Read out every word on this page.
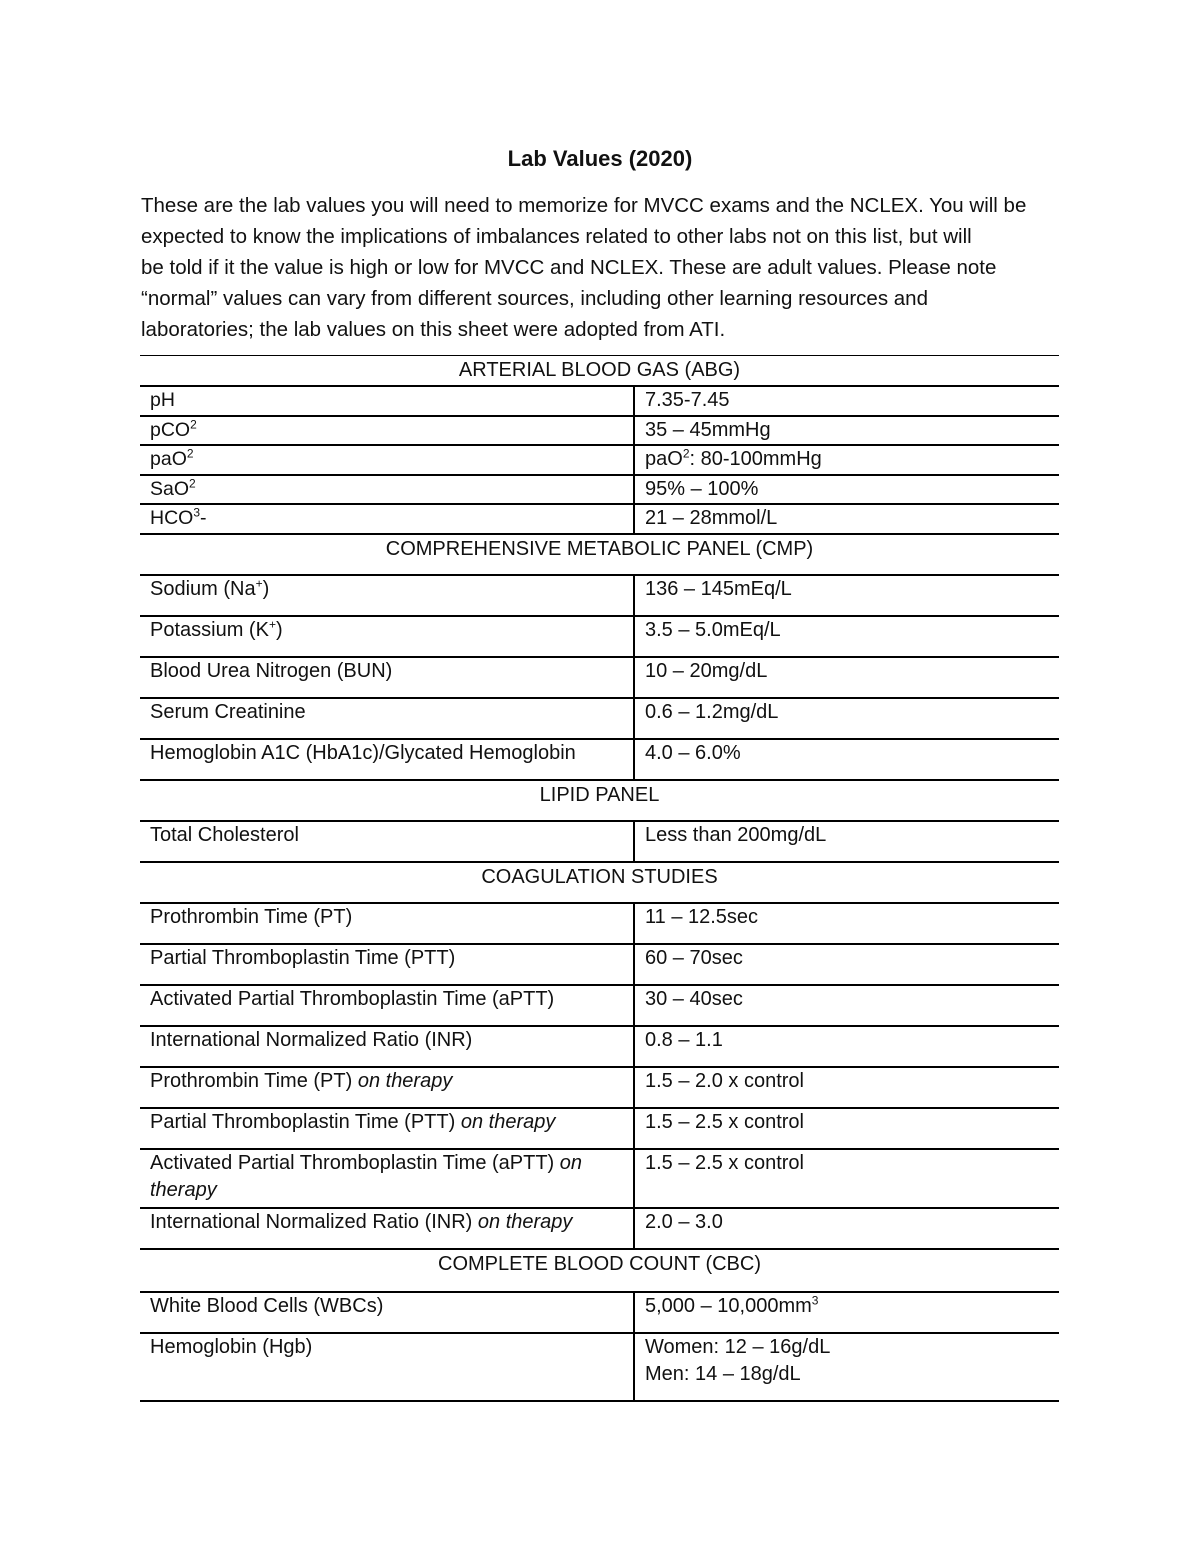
Lab Values (2020)
These are the lab values you will need to memorize for MVCC exams and the NCLEX. You will be
expected to know the implications of imbalances related to other labs not on this list, but will
be told if it the value is high or low for MVCC and NCLEX. These are adult values. Please note
“normal” values can vary from different sources, including other learning resources and
laboratories; the lab values on this sheet were adopted from ATI.
ARTERIAL BLOOD GAS (ABG)	
pH	7.35-7.45
pCO$^2$	35 – 45mmHg
paO$^2$	paO$^2$: 80-100mmHg
SaO$^2$	95% – 100%
HCO$^3$-	21 – 28mmol/L
COMPREHENSIVE METABOLIC PANEL (CMP)	
Sodium (Na+)	136 – 145mEq/L
Potassium (K+)	3.5 – 5.0mEq/L
Blood Urea Nitrogen (BUN)	10 – 20mg/dL
Serum Creatinine	0.6 – 1.2mg/dL
Hemoglobin A1C (HbA1c)/Glycated Hemoglobin	4.0 – 6.0%
LIPID PANEL	
Total Cholesterol	Less than 200mg/dL
COAGULATION STUDIES	
Prothrombin Time (PT)	11 – 12.5sec
Partial Thromboplastin Time (PTT)	60 – 70sec
Activated Partial Thromboplastin Time (aPTT)	30 – 40sec
International Normalized Ratio (INR)	0.8 – 1.1
Prothrombin Time (PT) on therapy	1.5 – 2.0 x control
Partial Thromboplastin Time (PTT) on therapy	1.5 – 2.5 x control
Activated Partial Thromboplastin Time (aPTT) on
therapy	1.5 – 2.5 x control
International Normalized Ratio (INR) on therapy	2.0 – 3.0
COMPLETE BLOOD COUNT (CBC)	
White Blood Cells (WBCs)	$5,000 - 10,000mm^3$
Hemoglobin (Hgb)	Women: 12 – 16g/dL
Men: 14 – 18g/dL
